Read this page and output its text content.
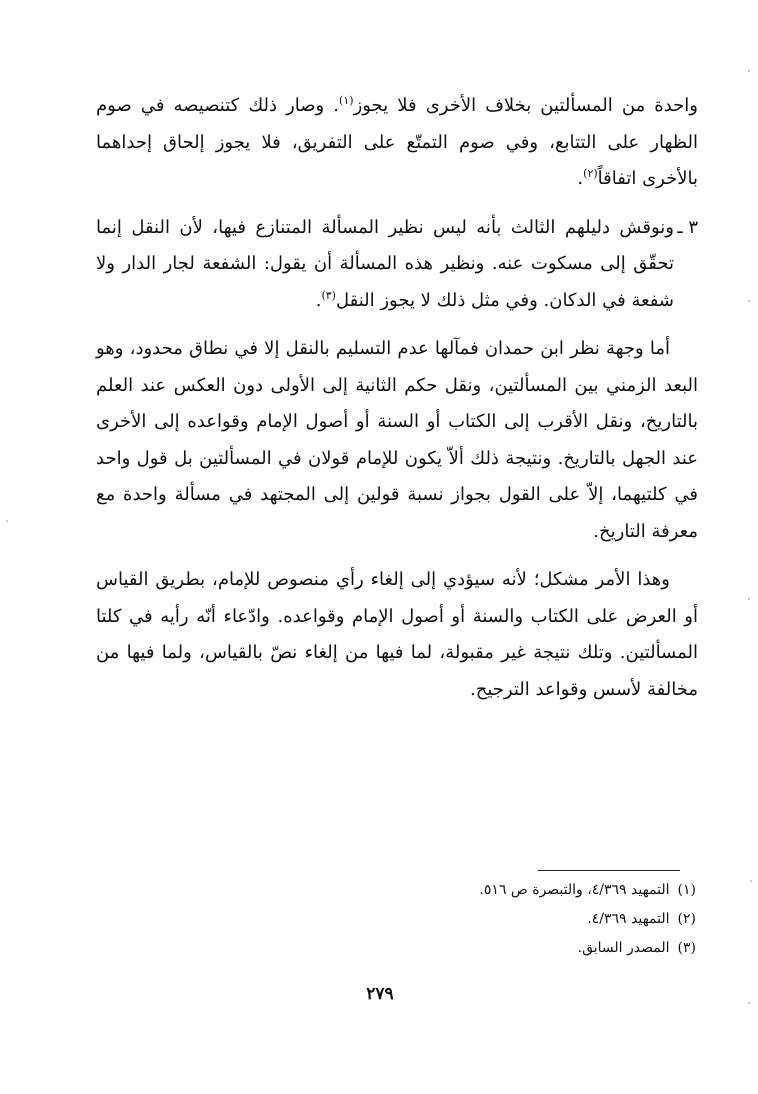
واحدة من المسألتين بخلاف الأخرى فلا يجوز$^{(١)}$. وصار ذلك كتنصيصه في صوم الظهار على التتابع، وفي صوم التمتّع على التفريق، فلا يجوز إلحاق إحداهما بالأخرى اتفاقاً$^{(٢)}$.

٣ ـ
ونوقش دليلهم الثالث بأنه ليس نظير المسألة المتنازع فيها، لأن النقل إنما تحقّق إلى مسكوت عنه. ونظير هذه المسألة أن يقول: الشفعة لجار الدار ولا شفعة في الدكان. وفي مثل ذلك لا يجوز النقل$^{(٣)}$.

أما وجهة نظر ابن حمدان فمآلها عدم التسليم بالنقل إلا في نطاق محدود، وهو البعد الزمني بين المسألتين، ونقل حكم الثانية إلى الأولى دون العكس عند العلم بالتاريخ، ونقل الأقرب إلى الكتاب أو السنة أو أصول الإمام وقواعده إلى الأخرى عند الجهل بالتاريخ. ونتيجة ذلك ألاّ يكون للإمام قولان في المسألتين بل قول واحد في كلتيهما، إلاّ على القول بجواز نسبة قولين إلى المجتهد في مسألة واحدة مع معرفة التاريخ.

وهذا الأمر مشكل؛ لأنه سيؤدي إلى إلغاء رأي منصوص للإمام، بطريق القياس أو العرض على الكتاب والسنة أو أصول الإمام وقواعده. وادّعاء أنّه رأيه في كلتا المسألتين. وتلك نتيجة غير مقبولة، لما فيها من إلغاء نصّ بالقياس، ولما فيها من مخالفة لأسس وقواعد الترجيح.

(١)التمهيد ٤/٣٦٩، والتبصرة ص ٥١٦.
(٢)التمهيد ٤/٣٦٩.
(٣)المصدر السابق.
٢٧٩
